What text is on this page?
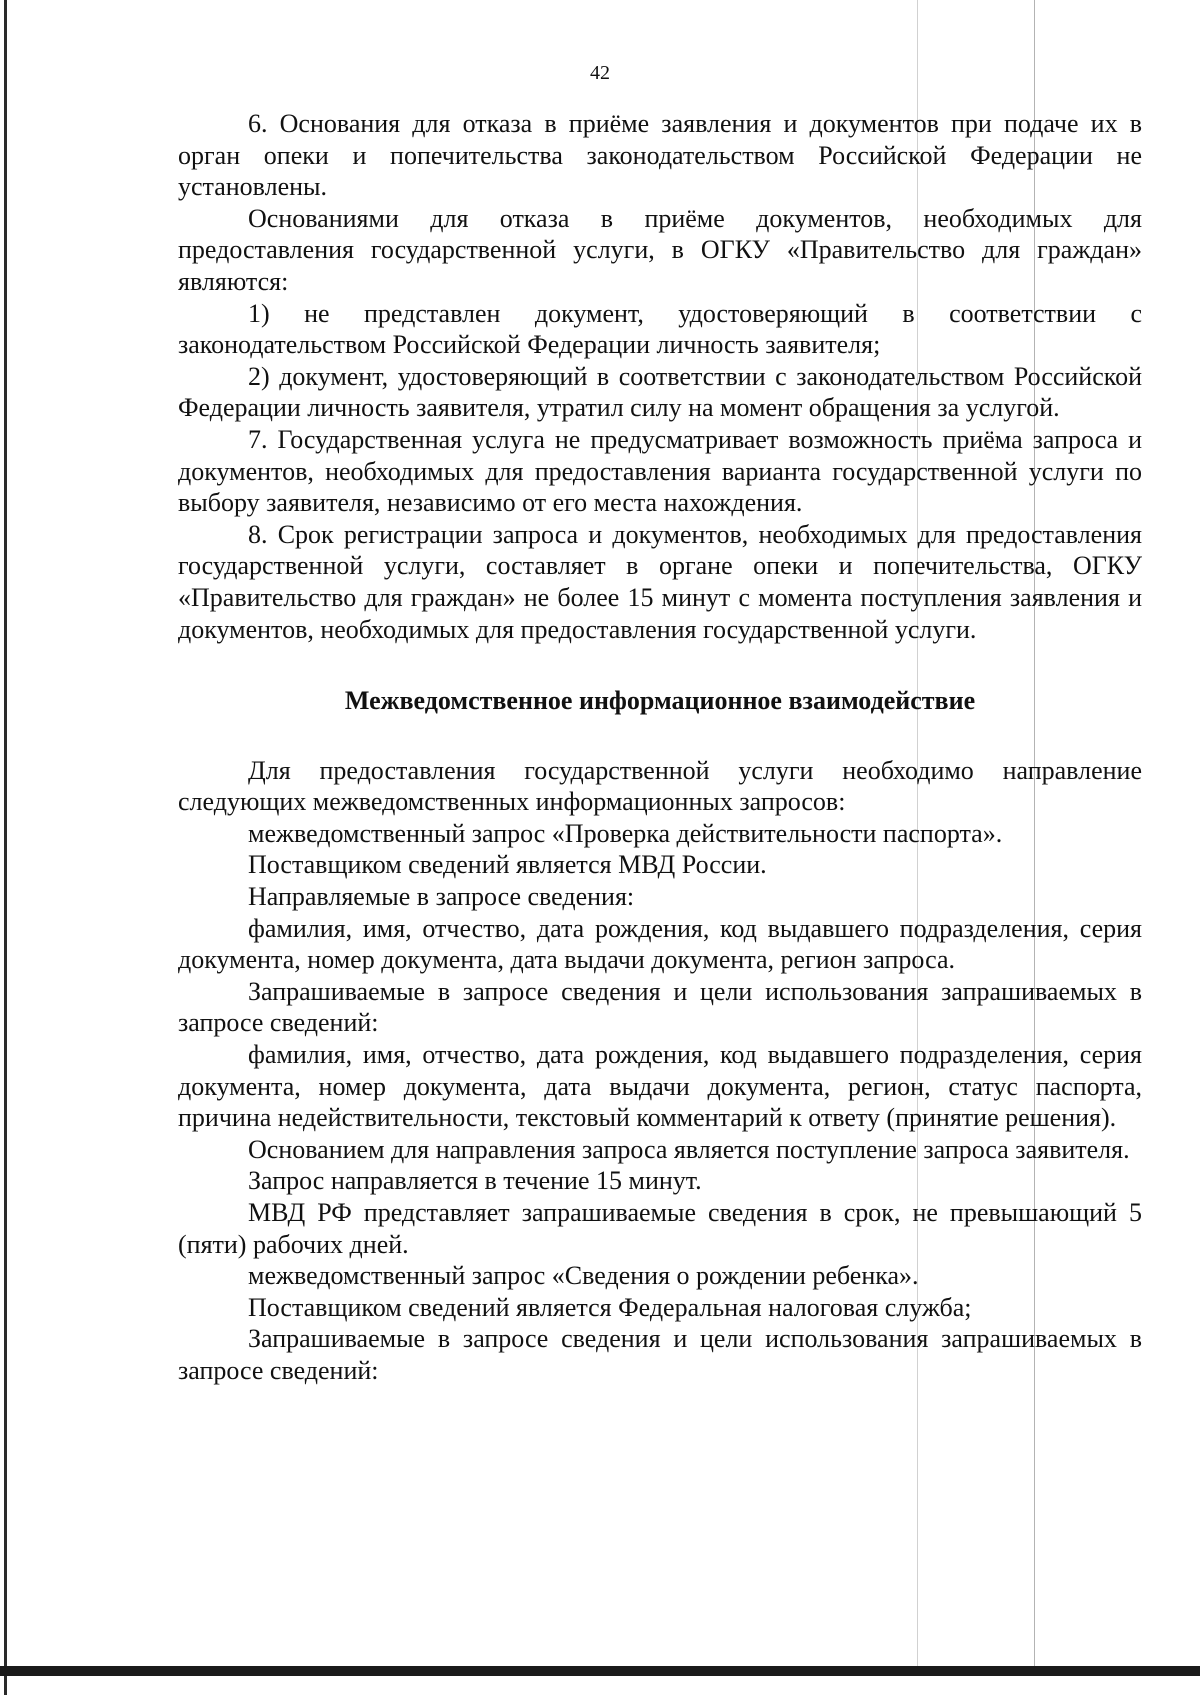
42

6. Основания для отказа в приёме заявления и документов при подаче их в орган опеки и попечительства законодательством Российской Федерации не установлены.

Основаниями для отказа в приёме документов, необходимых для предоставления государственной услуги, в ОГКУ «Правительство для граждан» являются:

1) не представлен документ, удостоверяющий в соответствии с законодательством Российской Федерации личность заявителя;

2) документ, удостоверяющий в соответствии с законодательством Российской Федерации личность заявителя, утратил силу на момент обращения за услугой.

7. Государственная услуга не предусматривает возможность приёма запроса и документов, необходимых для предоставления варианта государственной услуги по выбору заявителя, независимо от его места нахождения.

8. Срок регистрации запроса и документов, необходимых для предоставления государственной услуги, составляет в органе опеки и попечительства, ОГКУ «Правительство для граждан» не более 15 минут с момента поступления заявления и документов, необходимых для предоставления государственной услуги.

Межведомственное информационное взаимодействие

Для предоставления государственной услуги необходимо направление следующих межведомственных информационных запросов:

межведомственный запрос «Проверка действительности паспорта».

Поставщиком сведений является МВД России.

Направляемые в запросе сведения:

фамилия, имя, отчество, дата рождения, код выдавшего подразделения, серия документа, номер документа, дата выдачи документа, регион запроса.

Запрашиваемые в запросе сведения и цели использования запрашиваемых в запросе сведений:

фамилия, имя, отчество, дата рождения, код выдавшего подразделения, серия документа, номер документа, дата выдачи документа, регион, статус паспорта, причина недействительности, текстовый комментарий к ответу (принятие решения).

Основанием для направления запроса является поступление запроса заявителя.

Запрос направляется в течение 15 минут.

МВД РФ представляет запрашиваемые сведения в срок, не превышающий 5 (пяти) рабочих дней.

межведомственный запрос «Сведения о рождении ребенка».

Поставщиком сведений является Федеральная налоговая служба;

Запрашиваемые в запросе сведения и цели использования запрашиваемых в запросе сведений:
